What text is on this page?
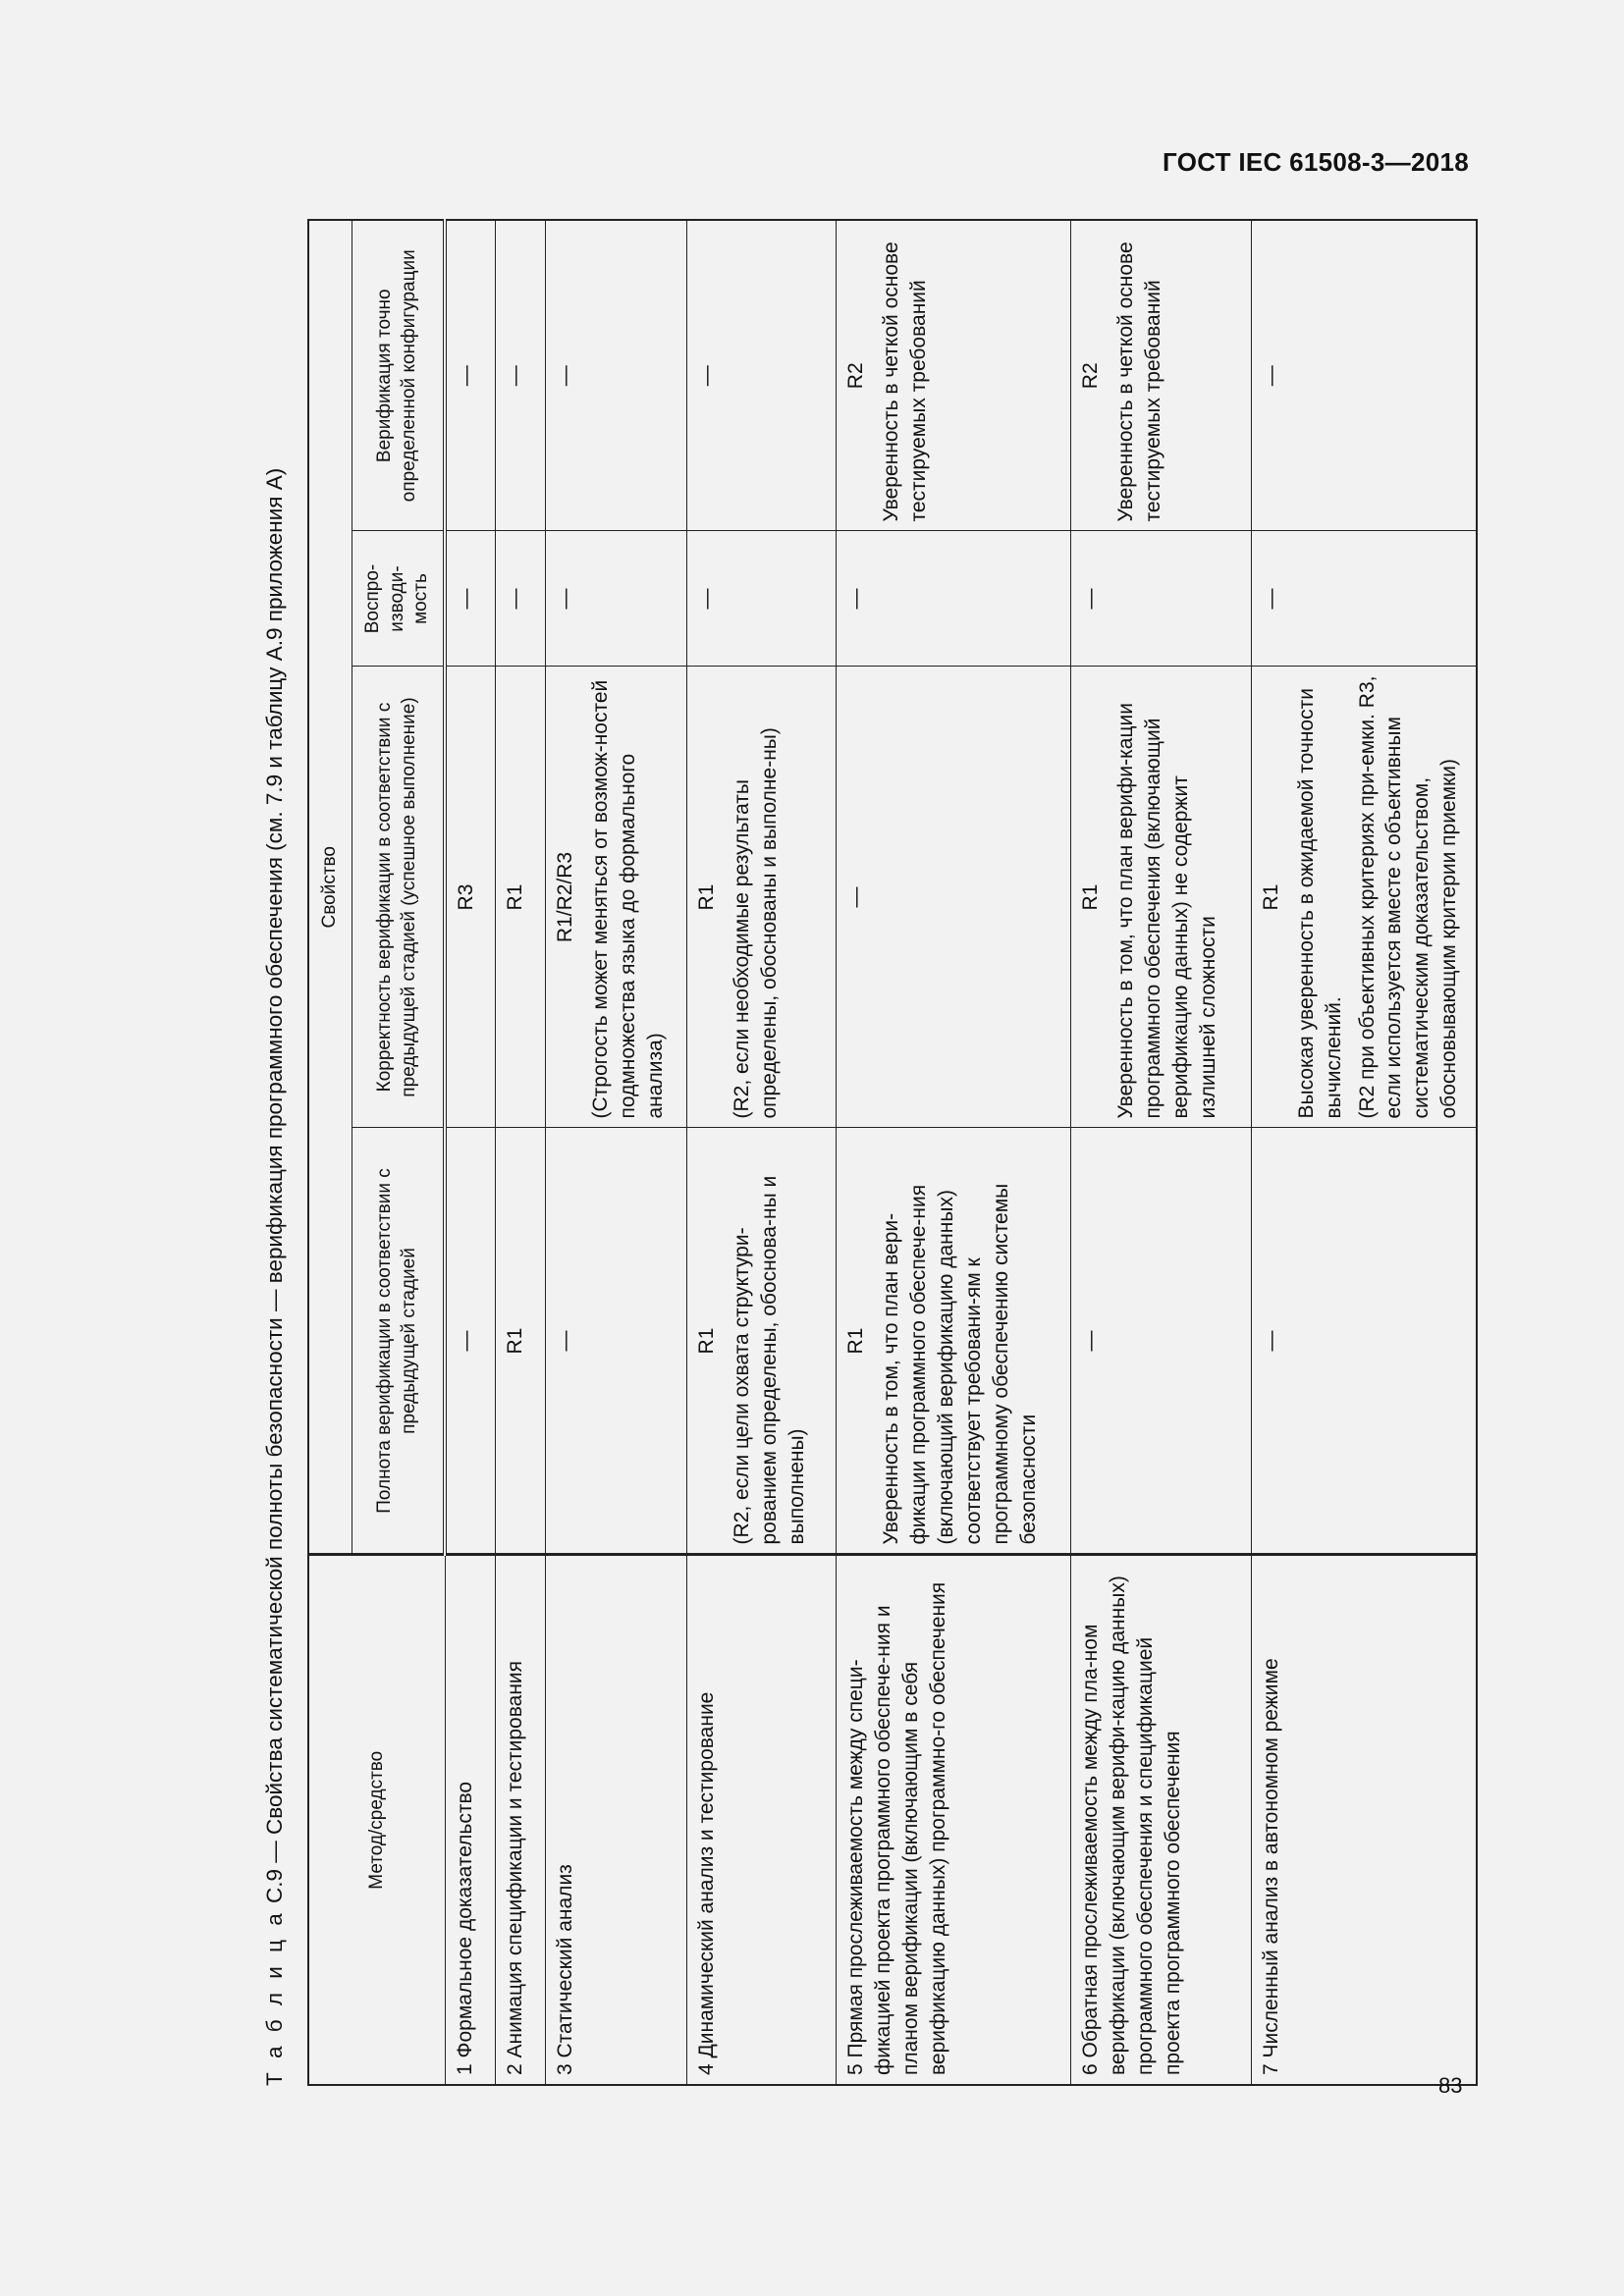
ГОСТ IEC 61508-3—2018
Т а б л и ц а С.9 — Свойства систематической полноты безопасности — верификация программного обеспечения (см. 7.9 и таблицу А.9 приложения А)	Метод/средство	Свойство			
	Полнота верификации в соответствии с предыдущей стадией	Корректность верификации в соответствии с предыдущей стадией (успешное выполнение)	Воспро-изводи-мость	Верификация точно определенной конфигурации
1 Формальное доказательство	—	R3	—	—

2 Анимация спецификации и тестирования	R1	R1	—	—

3 Статический анализ	—	R1/R2/R3 (Строгость может меняться от возмож-ностей подмножества языка до формального анализа)	—	—

4 Динамический анализ и тестирование	R1 (R2, если цели охвата структури-рованием определены, обоснова-ны и выполнены)	R1 (R2, если необходимые результаты определены, обоснованы и выполне-ны)	—	—

5 Прямая прослеживаемость между специ-фикацией проекта программного обеспече-ния и планом верификации (включающим в себя верификацию данных) программно-го обеспечения	R1 Уверенность в том, что план вери-фикации программного обеспече-ния (включающий верификацию данных) соответствует требовани-ям к программному обеспечению системы безопасности	—	—	R2 Уверенность в четкой основе тестируемых требований

6 Обратная прослеживаемость между пла-ном верификации (включающим верифи-кацию данных) программного обеспечения и спецификацией проекта программного обеспечения	—	R1 Уверенность в том, что план верифи-кации программного обеспечения (включающий верификацию данных) не содержит излишней сложности	—	R2 Уверенность в четкой основе тестируемых требований

7 Численный анализ в автономном режиме	—	R1 Высокая уверенность в ожидаемой точности вычислений. (R2 при объективных критериях при-емки. R3, если используется вместе с объективным систематическим доказательством, обосновывающим критерии приемки)	—	—
83
